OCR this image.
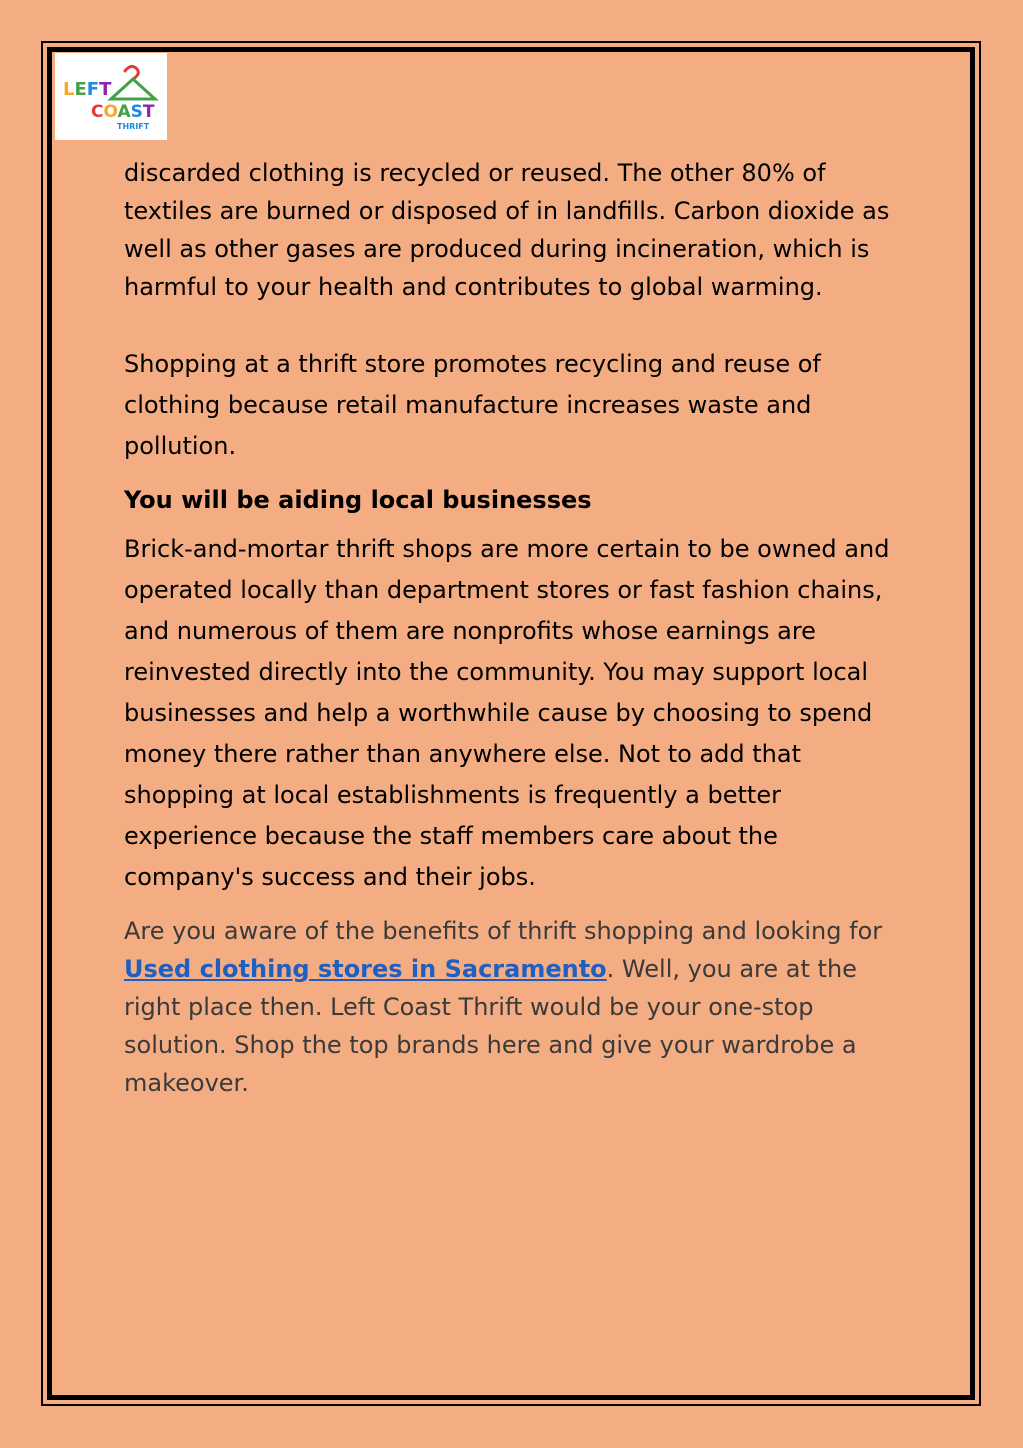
LEFT
COAST
THRIFT

discarded clothing is recycled or reused. The other 80% of textiles are burned or disposed of in landfills. Carbon dioxide as well as other gases are produced during incineration, which is harmful to your health and contributes to global warming.

Shopping at a thrift store promotes recycling and reuse of clothing because retail manufacture increases waste and pollution.

You will be aiding local businesses

Brick-and-mortar thrift shops are more certain to be owned and operated locally than department stores or fast fashion chains, and numerous of them are nonprofits whose earnings are reinvested directly into the community. You may support local businesses and help a worthwhile cause by choosing to spend money there rather than anywhere else. Not to add that shopping at local establishments is frequently a better experience because the staff members care about the company's success and their jobs.

Are you aware of the benefits of thrift shopping and looking for Used clothing stores in Sacramento. Well, you are at the right place then. Left Coast Thrift would be your one-stop solution. Shop the top brands here and give your wardrobe a makeover.
